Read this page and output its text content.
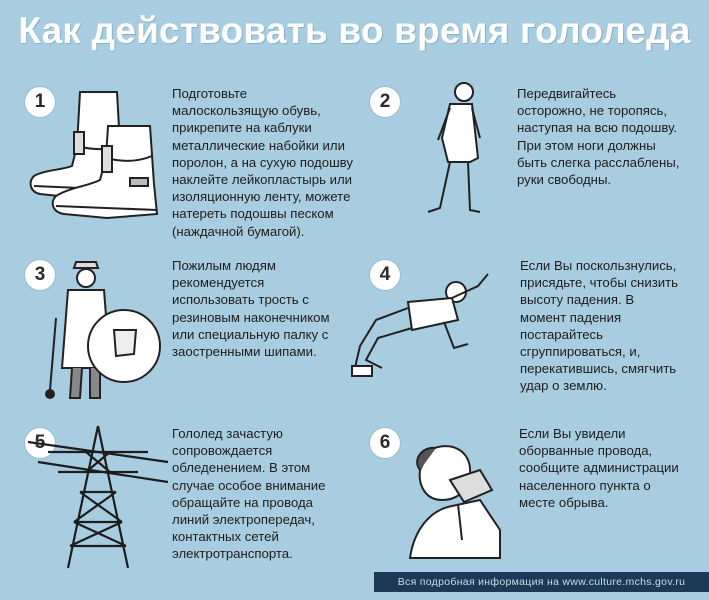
Как действовать во время гололеда
1	Подготовьте
малоскользящую обувь,
прикрепите на каблуки
металлические набойки или
поролон, а на сухую подошву
наклейте лейкопластырь или
изоляционную ленту, можете
натереть подошвы песком
(наждачной бумагой).

2	Передвигайтесь
осторожно, не торопясь,
наступая на всю подошву.
При этом ноги должны
быть слегка расслаблены,
руки свободны.

3	Пожилым людям
рекомендуется
использовать трость с
резиновым наконечником
или специальную палку с
заостренными шипами.

4	Если Вы поскользнулись,
присядьте, чтобы снизить
высоту падения. В
момент падения
постарайтесь
сгруппироваться, и,
перекатившись, смягчить
удар о землю.

5	Гололед зачастую
сопровождается
обледенением. В этом
случае особое внимание
обращайте на провода
линий электропередач,
контактных сетей
электротранспорта.

6	Если Вы увидели
оборванные провода,
сообщите администрации
населенного пункта о
месте обрыва.

Вся подробная информация на www.culture.mchs.gov.ru
